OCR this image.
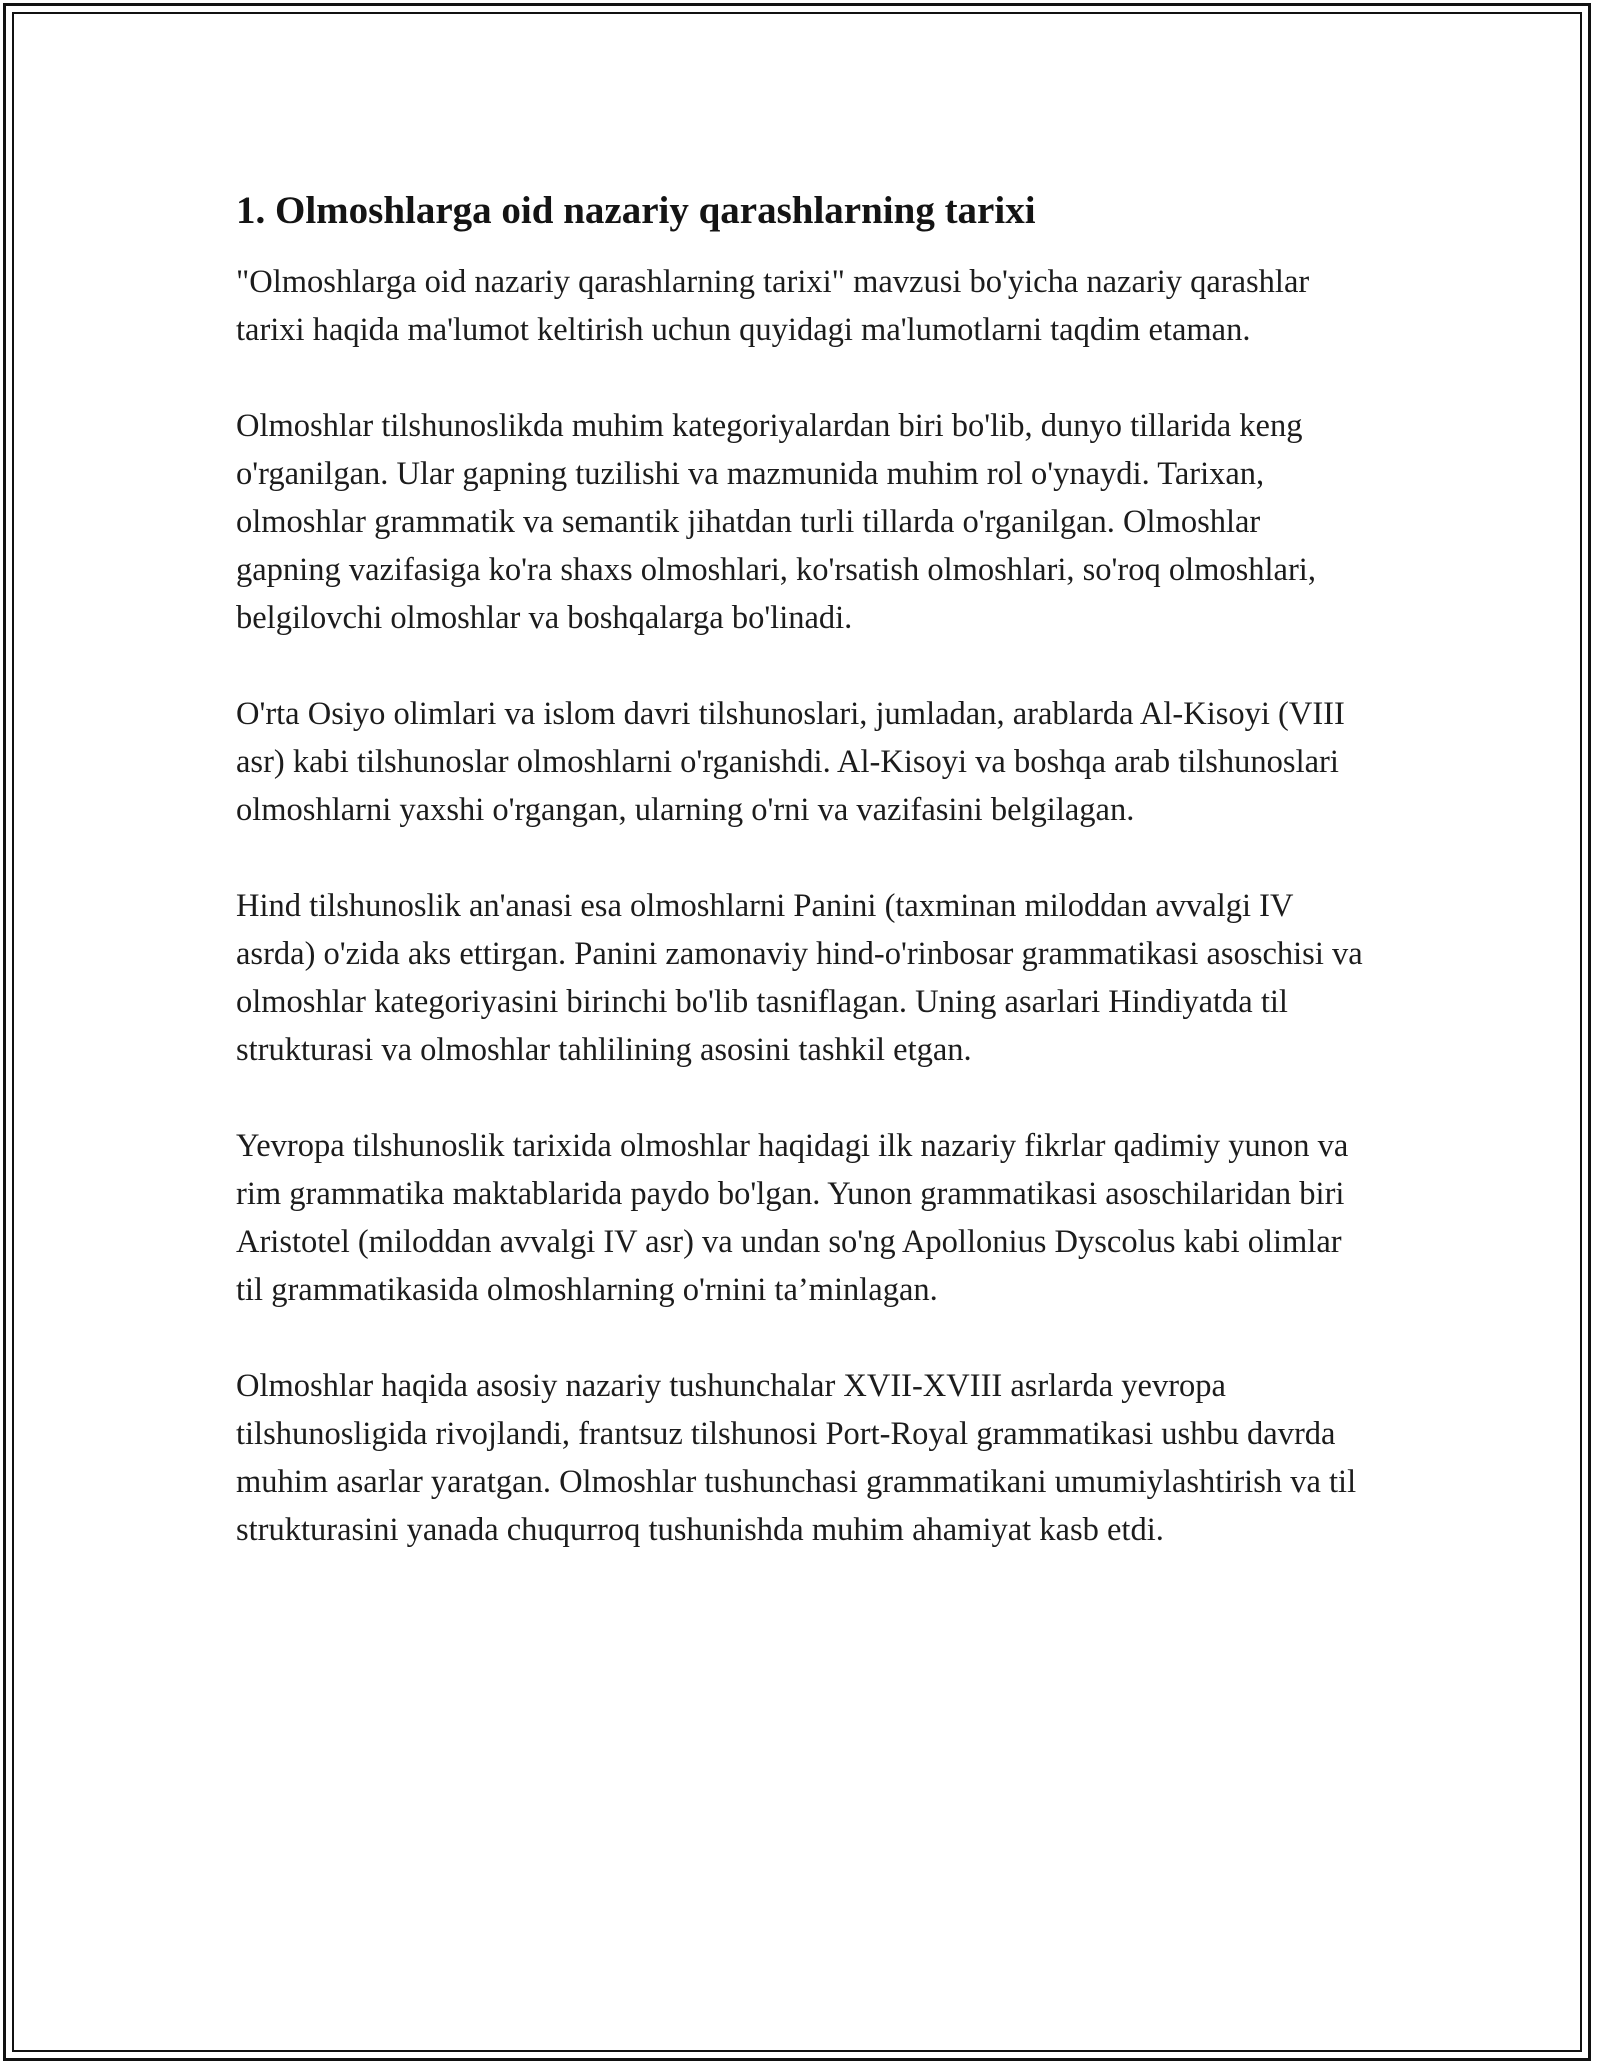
1. Olmoshlarga oid nazariy qarashlarning tarixi

"Olmoshlarga oid nazariy qarashlarning tarixi" mavzusi bo'yicha nazariy qarashlar tarixi haqida ma'lumot keltirish uchun quyidagi ma'lumotlarni taqdim etaman.

Olmoshlar tilshunoslikda muhim kategoriyalardan biri bo'lib, dunyo tillarida keng o'rganilgan. Ular gapning tuzilishi va mazmunida muhim rol o'ynaydi. Tarixan, olmoshlar grammatik va semantik jihatdan turli tillarda o'rganilgan. Olmoshlar gapning vazifasiga ko'ra shaxs olmoshlari, ko'rsatish olmoshlari, so'roq olmoshlari, belgilovchi olmoshlar va boshqalarga bo'linadi.

O'rta Osiyo olimlari va islom davri tilshunoslari, jumladan, arablarda Al-Kisoyi (VIII asr) kabi tilshunoslar olmoshlarni o'rganishdi. Al-Kisoyi va boshqa arab tilshunoslari olmoshlarni yaxshi o'rgangan, ularning o'rni va vazifasini belgilagan.

Hind tilshunoslik an'anasi esa olmoshlarni Panini (taxminan miloddan avvalgi IV asrda) o'zida aks ettirgan. Panini zamonaviy hind-o'rinbosar grammatikasi asoschisi va olmoshlar kategoriyasini birinchi bo'lib tasniflagan. Uning asarlari Hindiyatda til strukturasi va olmoshlar tahlilining asosini tashkil etgan.

Yevropa tilshunoslik tarixida olmoshlar haqidagi ilk nazariy fikrlar qadimiy yunon va rim grammatika maktablarida paydo bo'lgan. Yunon grammatikasi asoschilaridan biri Aristotel (miloddan avvalgi IV asr) va undan so'ng Apollonius Dyscolus kabi olimlar til grammatikasida olmoshlarning o'rnini ta’minlagan.

Olmoshlar haqida asosiy nazariy tushunchalar XVII-XVIII asrlarda yevropa tilshunosligida rivojlandi, frantsuz tilshunosi Port-Royal grammatikasi ushbu davrda muhim asarlar yaratgan. Olmoshlar tushunchasi grammatikani umumiylashtirish va til strukturasini yanada chuqurroq tushunishda muhim ahamiyat kasb etdi.
